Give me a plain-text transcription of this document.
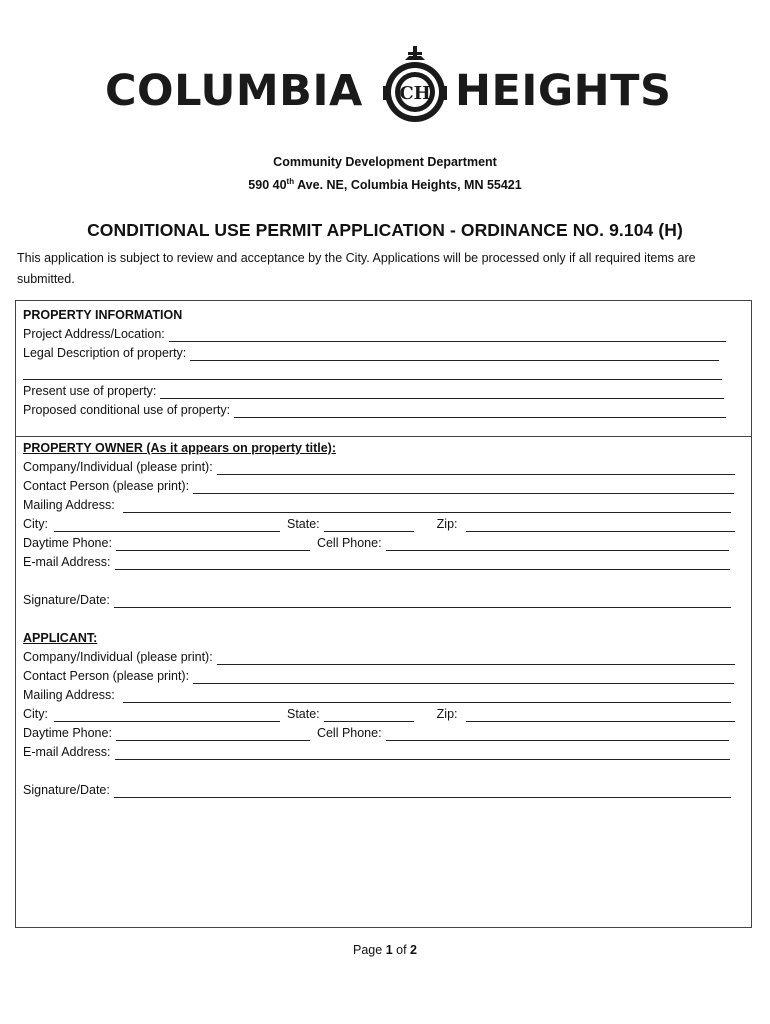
COLUMBIA CH HEIGHTS
Community Development Department
590 40th Ave. NE, Columbia Heights, MN 55421
CONDITIONAL USE PERMIT APPLICATION - ORDINANCE NO. 9.104 (H)
This application is subject to review and acceptance by the City. Applications will be processed only if all required items are submitted.
PROPERTY INFORMATION
Project Address/Location:
Legal Description of property:
Present use of property:
Proposed conditional use of property:
PROPERTY OWNER (As it appears on property title):
Company/Individual (please print):
Contact Person (please print):
Mailing Address:
City:	State:	Zip:
Daytime Phone:	Cell Phone:
E-mail Address:
Signature/Date:
APPLICANT:
Company/Individual (please print):
Contact Person (please print):
Mailing Address:
City:	State:	Zip:
Daytime Phone:	Cell Phone:
E-mail Address:
Signature/Date:
Page 1 of 2
